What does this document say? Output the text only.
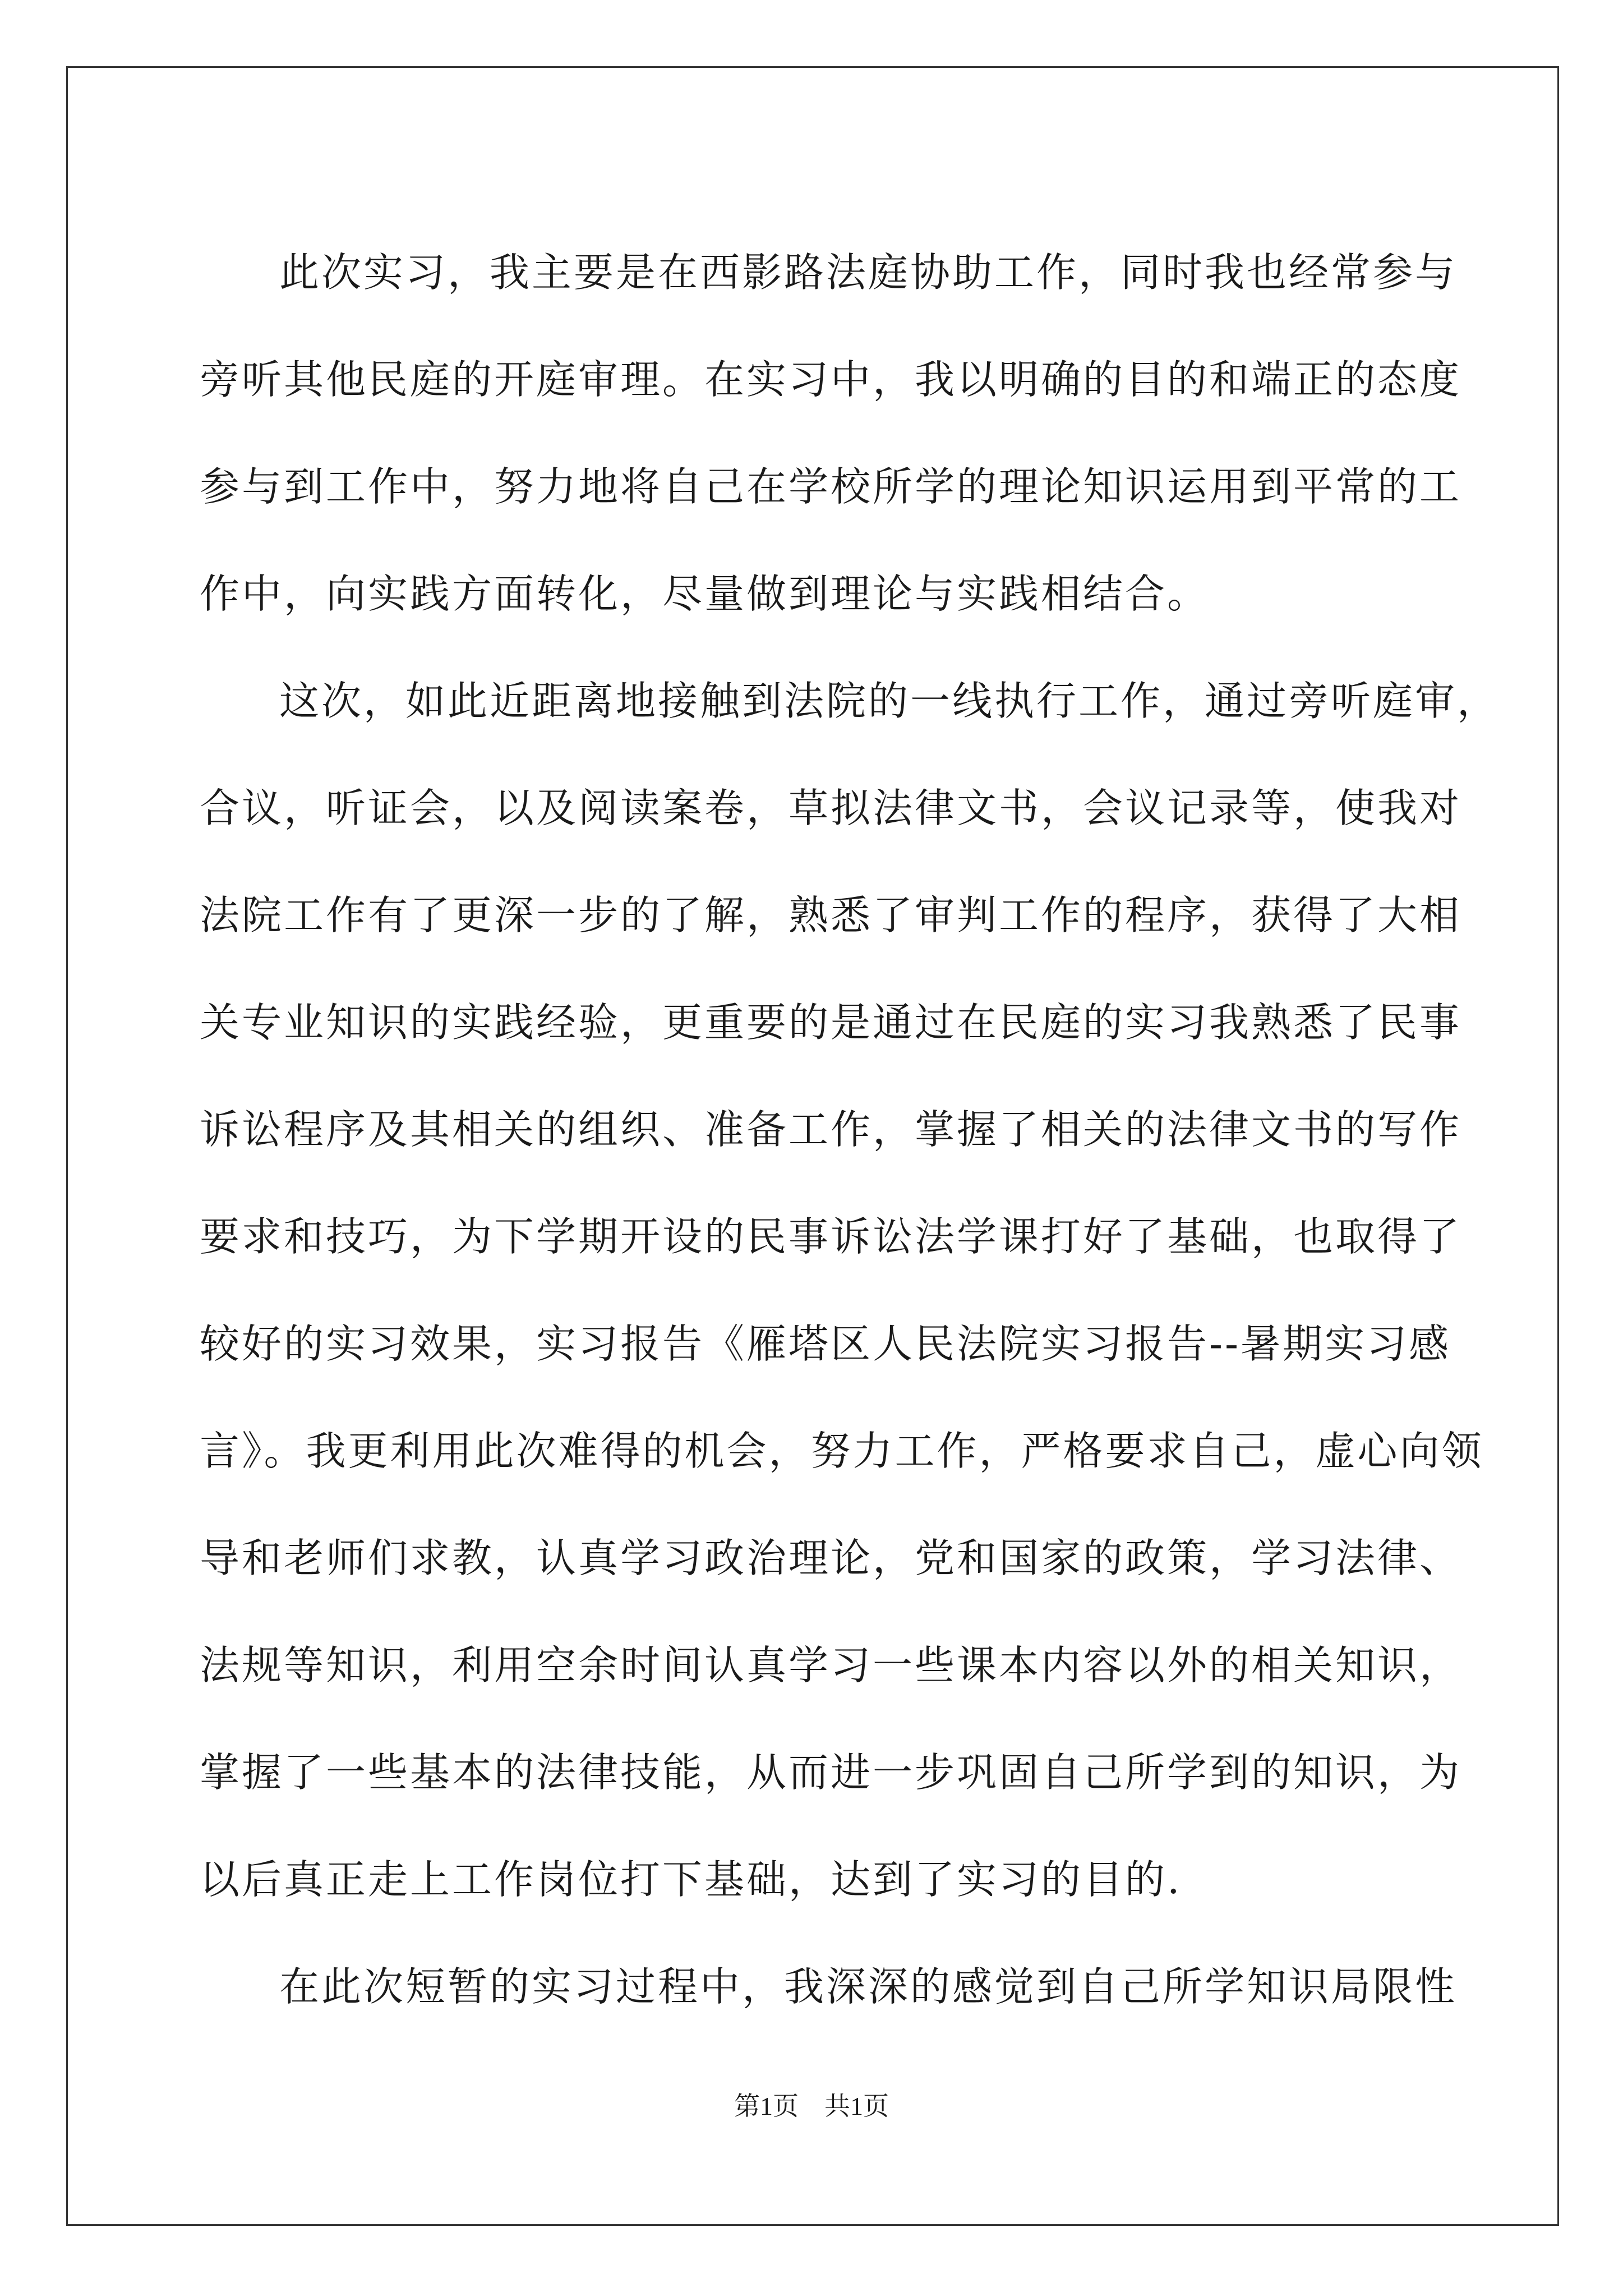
此次实习，我主要是在西影路法庭协助工作，同时我也经常参与
旁听其他民庭的开庭审理。在实习中，我以明确的目的和端正的态度
参与到工作中，努力地将自己在学校所学的理论知识运用到平常的工
作中，向实践方面转化，尽量做到理论与实践相结合。
这次，如此近距离地接触到法院的一线执行工作，通过旁听庭审，
合议，听证会，以及阅读案卷，草拟法律文书，会议记录等，使我对
法院工作有了更深一步的了解，熟悉了审判工作的程序，获得了大相
关专业知识的实践经验，更重要的是通过在民庭的实习我熟悉了民事
诉讼程序及其相关的组织、准备工作，掌握了相关的法律文书的写作
要求和技巧，为下学期开设的民事诉讼法学课打好了基础，也取得了
较好的实习效果，实习报告《雁塔区人民法院实习报告--暑期实习感
言》。我更利用此次难得的机会，努力工作，严格要求自己，虚心向领
导和老师们求教，认真学习政治理论，党和国家的政策，学习法律、
法规等知识，利用空余时间认真学习一些课本内容以外的相关知识，
掌握了一些基本的法律技能，从而进一步巩固自己所学到的知识，为
以后真正走上工作岗位打下基础，达到了实习的目的.
在此次短暂的实习过程中，我深深的感觉到自己所学知识局限性
第1页 共1页
